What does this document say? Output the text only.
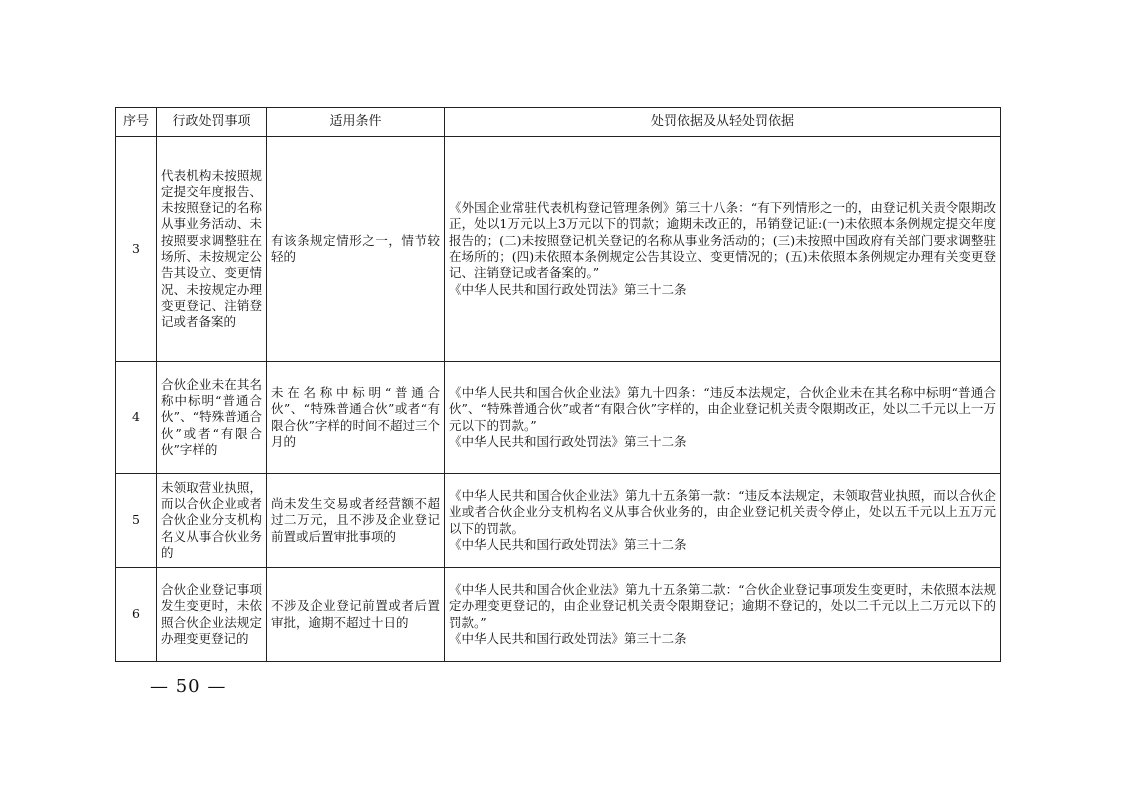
序号	行政处罚事项	适用条件	处罚依据及从轻处罚依据
3	代表机构未按照规定提交年度报告、未按照登记的名称从事业务活动、未按照要求调整驻在场所、未按规定公告其设立、变更情况、未按规定办理变更登记、注销登记或者备案的	有该条规定情形之一，情节较轻的	《外国企业常驻代表机构登记管理条例》第三十八条：“有下列情形之一的，由登记机关责令限期改正，处以1万元以上3万元以下的罚款；逾期未改正的，吊销登记证:(一)未依照本条例规定提交年度报告的；(二)未按照登记机关登记的名称从事业务活动的；(三)未按照中国政府有关部门要求调整驻在场所的；(四)未依照本条例规定公告其设立、变更情况的；(五)未依照本条例规定办理有关变更登记、注销登记或者备案的。”
《中华人民共和国行政处罚法》第三十二条

4	合伙企业未在其名称中标明“普通合伙”、“特殊普通合伙”或者“有限合伙”字样的	未在名称中标明“普通合伙”、“特殊普通合伙”或者“有限合伙”字样的时间不超过三个月的	《中华人民共和国合伙企业法》第九十四条：“违反本法规定，合伙企业未在其名称中标明“普通合伙”、“特殊普通合伙”或者“有限合伙”字样的，由企业登记机关责令限期改正，处以二千元以上一万元以下的罚款。”
《中华人民共和国行政处罚法》第三十二条

5	未领取营业执照，而以合伙企业或者合伙企业分支机构名义从事合伙业务的	尚未发生交易或者经营额不超过二万元，且不涉及企业登记前置或后置审批事项的	《中华人民共和国合伙企业法》第九十五条第一款：“违反本法规定，未领取营业执照，而以合伙企业或者合伙企业分支机构名义从事合伙业务的，由企业登记机关责令停止，处以五千元以上五万元以下的罚款。
《中华人民共和国行政处罚法》第三十二条

6	合伙企业登记事项发生变更时，未依照合伙企业法规定办理变更登记的	不涉及企业登记前置或者后置审批，逾期不超过十日的	《中华人民共和国合伙企业法》第九十五条第二款：“合伙企业登记事项发生变更时，未依照本法规定办理变更登记的，由企业登记机关责令限期登记；逾期不登记的，处以二千元以上二万元以下的罚款。”
《中华人民共和国行政处罚法》第三十二条
— 50 —
